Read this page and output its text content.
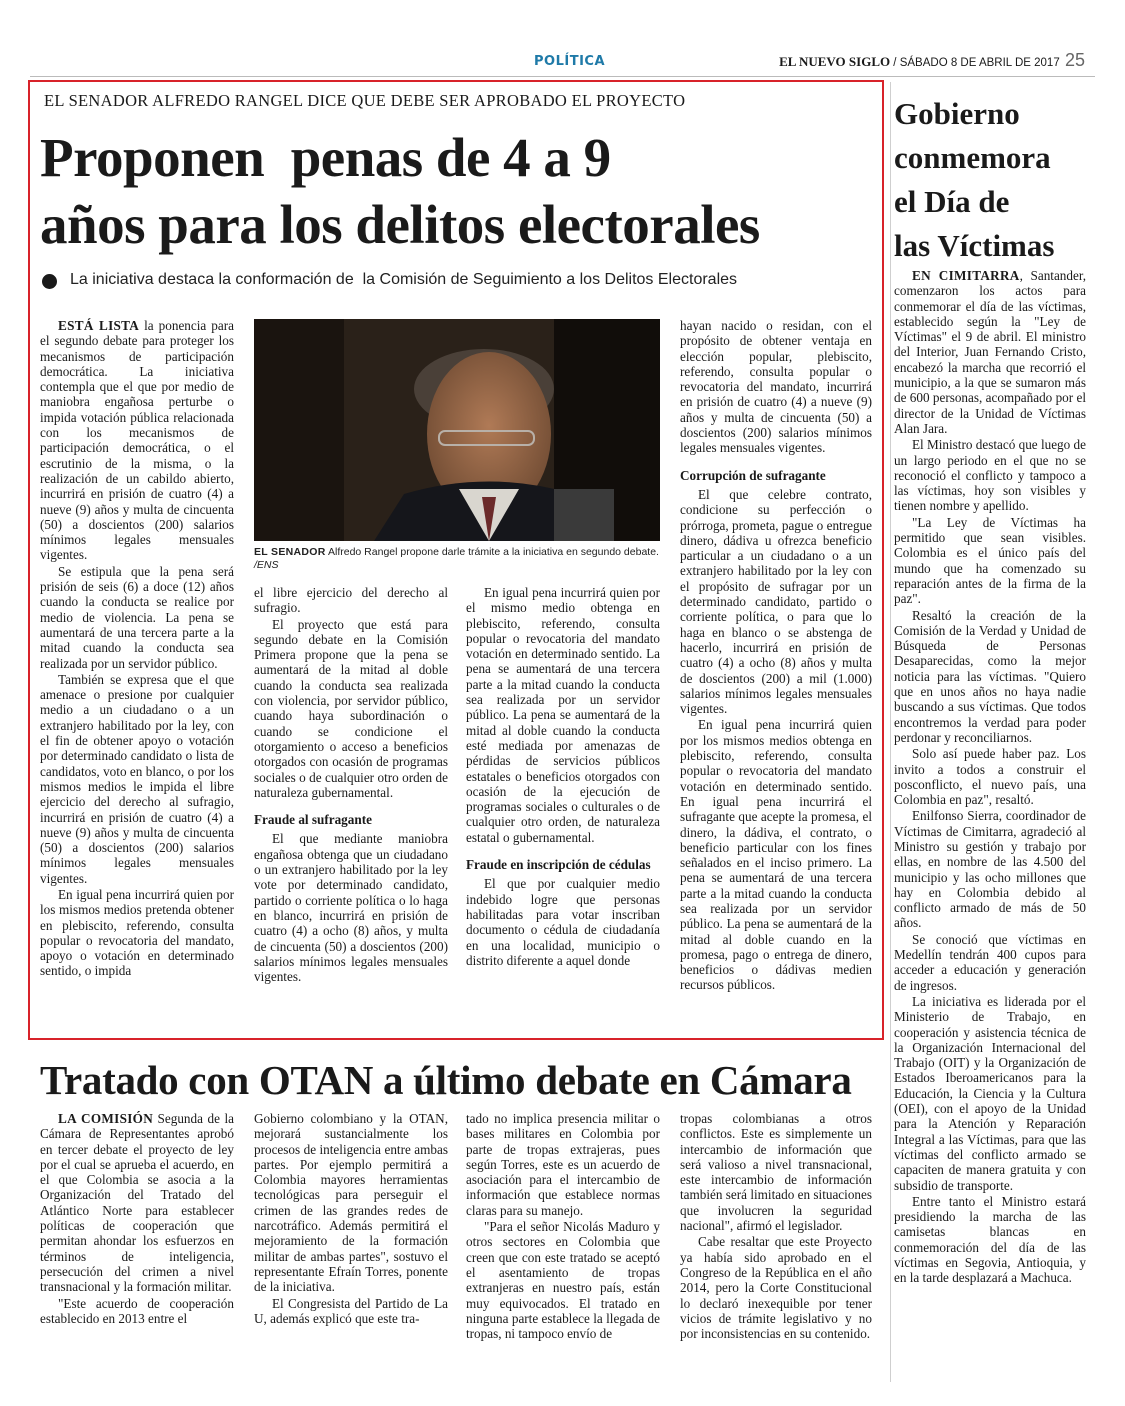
POLÍTICA	EL NUEVO SIGLO / SÁBADO 8 DE ABRIL DE 2017 25
EL SENADOR ALFREDO RANGEL DICE QUE DEBE SER APROBADO EL PROYECTO
Proponen  penas de 4 a 9
años para los delitos electorales
La iniciativa destaca la conformación de  la Comisión de Seguimiento a los Delitos Electorales

ESTÁ LISTA la ponencia para el segundo debate para proteger los mecanismos de participación democrática. La iniciativa contempla que el que por medio de maniobra engañosa perturbe o impida votación pública relacionada con los mecanismos de participación democrática, o el escrutinio de la misma, o la realización de un cabildo abierto, incurrirá en prisión de cuatro (4) a nueve (9) años y multa de cincuenta (50) a doscientos (200) salarios mínimos legales mensuales vigentes.

Se estipula que la pena será prisión de seis (6) a doce (12) años cuando la conducta se realice por medio de violencia. La pena se aumentará de una tercera parte a la mitad cuando la conducta sea realizada por un servidor público.

También se expresa que el que amenace o presione por cualquier medio a un ciudadano o a un extranjero habilitado por la ley, con el fin de obtener apoyo o votación por determinado candidato o lista de candidatos, voto en blanco, o por los mismos medios le impida el libre ejercicio del derecho al sufragio, incurrirá en prisión de cuatro (4) a nueve (9) años y multa de cincuenta (50) a doscientos (200) salarios mínimos legales mensuales vigentes.

En igual pena incurrirá quien por los mismos medios pretenda obtener en plebiscito, referendo, consulta popular o revocatoria del mandato, apoyo o votación en determinado sentido, o impida

EL SENADOR Alfredo Rangel propone darle trámite a la iniciativa en segundo debate. /ENS

el libre ejercicio del derecho al sufragio.

El proyecto que está para segundo debate en la Comisión Primera propone que la pena se aumentará de la mitad al doble cuando la conducta sea realizada con violencia, por servidor público, cuando haya subordinación o cuando se condicione el otorgamiento o acceso a beneficios otorgados con ocasión de programas sociales o de cualquier otro orden de naturaleza gubernamental.

Fraude al sufragante

El que mediante maniobra engañosa obtenga que un ciudadano o un extranjero habilitado por la ley vote por determinado candidato, partido o corriente política o lo haga en blanco, incurrirá en prisión de cuatro (4) a ocho (8) años, y multa de cincuenta (50) a doscientos (200) salarios mínimos legales mensuales vigentes.

En igual pena incurrirá quien por el mismo medio obtenga en plebiscito, referendo, consulta popular o revocatoria del mandato votación en determinado sentido. La pena se aumentará de una tercera parte a la mitad cuando la conducta sea realizada por un servidor público. La pena se aumentará de la mitad al doble cuando la conducta esté mediada por amenazas de pérdidas de servicios públicos estatales o beneficios otorgados con ocasión de la ejecución de programas sociales o culturales o de cualquier otro orden, de naturaleza estatal o gubernamental.

Fraude en inscripción de cédulas

El que por cualquier medio indebido logre que personas habilitadas para votar inscriban documento o cédula de ciudadanía en una localidad, municipio o distrito diferente a aquel donde

hayan nacido o residan, con el propósito de obtener ventaja en elección popular, plebiscito, referendo, consulta popular o revocatoria del mandato, incurrirá en prisión de cuatro (4) a nueve (9) años y multa de cincuenta (50) a doscientos (200) salarios mínimos legales mensuales vigentes.

Corrupción de sufragante

El que celebre contrato, condicione su perfección o prórroga, prometa, pague o entregue dinero, dádiva u ofrezca beneficio particular a un ciudadano o a un extranjero habilitado por la ley con el propósito de sufragar por un determinado candidato, partido o corriente política, o para que lo haga en blanco o se abstenga de hacerlo, incurrirá en prisión de cuatro (4) a ocho (8) años y multa de doscientos (200) a mil (1.000) salarios mínimos legales mensuales vigentes.

En igual pena incurrirá quien por los mismos medios obtenga en plebiscito, referendo, consulta popular o revocatoria del mandato votación en determinado sentido. En igual pena incurrirá el sufragante que acepte la promesa, el dinero, la dádiva, el contrato, o beneficio particular con los fines señalados en el inciso primero. La pena se aumentará de una tercera parte a la mitad cuando la conducta sea realizada por un servidor público. La pena se aumentará de la mitad al doble cuando en la promesa, pago o entrega de dinero, beneficios o dádivas medien recursos públicos.

Gobierno
conmemora
el Día de
las Víctimas

EN CIMITARRA, Santander, comenzaron los actos para conmemorar el día de las víctimas, establecido según la "Ley de Víctimas" el 9 de abril. El ministro del Interior, Juan Fernando Cristo, encabezó la marcha que recorrió el municipio, a la que se sumaron más de 600 personas, acompañado por el director de la Unidad de Víctimas Alan Jara.

El Ministro destacó que luego de un largo periodo en el que no se reconoció el conflicto y tampoco a las víctimas, hoy son visibles y tienen nombre y apellido.

"La Ley de Víctimas ha permitido que sean visibles. Colombia es el único país del mundo que ha comenzado su reparación antes de la firma de la paz".

Resaltó la creación de la Comisión de la Verdad y Unidad de Búsqueda de Personas Desaparecidas, como la mejor noticia para las víctimas. "Quiero que en unos años no haya nadie buscando a sus víctimas. Que todos encontremos la verdad para poder perdonar y reconciliarnos.

Solo así puede haber paz. Los invito a todos a construir el posconflicto, el nuevo país, una Colombia en paz", resaltó.

Enilfonso Sierra, coordinador de Víctimas de Cimitarra, agradeció al Ministro su gestión y trabajo por ellas, en nombre de las 4.500 del municipio y las ocho millones que hay en Colombia debido al conflicto armado de más de 50 años.

Se conoció que víctimas en Medellín tendrán 400 cupos para acceder a educación y generación de ingresos.

La iniciativa es liderada por el Ministerio de Trabajo, en cooperación y asistencia técnica de la Organización Internacional del Trabajo (OIT) y la Organización de Estados Iberoamericanos para la Educación, la Ciencia y la Cultura (OEI), con el apoyo de la Unidad para la Atención y Reparación Integral a las Víctimas, para que las víctimas del conflicto armado se capaciten de manera gratuita y con subsidio de transporte.

Entre tanto el Ministro estará presidiendo la marcha de las camisetas blancas en conmemoración del día de las víctimas en Segovia, Antioquia, y en la tarde desplazará a Machuca.

Tratado con OTAN a último debate en Cámara

LA COMISIÓN Segunda de la Cámara de Representantes aprobó en tercer debate el proyecto de ley por el cual se aprueba el acuerdo, en el que Colombia se asocia a la Organización del Tratado del Atlántico Norte para establecer políticas de cooperación que permitan ahondar los esfuerzos en términos de inteligencia, persecución del crimen a nivel transnacional y la formación militar.

"Este acuerdo de cooperación establecido en 2013 entre el

Gobierno colombiano y la OTAN, mejorará sustancialmente los procesos de inteligencia entre ambas partes. Por ejemplo permitirá a Colombia mayores herramientas tecnológicas para perseguir el crimen de las grandes redes de narcotráfico. Además permitirá el mejoramiento de la formación militar de ambas partes", sostuvo el representante Efraín Torres, ponente de la iniciativa.

El Congresista del Partido de La U, además explicó que este tra-

tado no implica presencia militar o bases militares en Colombia por parte de tropas extrajeras, pues según Torres, este es un acuerdo de asociación para el intercambio de información que establece normas claras para su manejo.

"Para el señor Nicolás Maduro y otros sectores en Colombia que creen que con este tratado se aceptó el asentamiento de tropas extranjeras en nuestro país, están muy equivocados. El tratado en ninguna parte establece la llegada de tropas, ni tampoco envío de

tropas colombianas a otros conflictos. Este es simplemente un intercambio de información que será valioso a nivel transnacional, este intercambio de información también será limitado en situaciones que involucren la seguridad nacional", afirmó el legislador.

Cabe resaltar que este Proyecto ya había sido aprobado en el Congreso de la República en el año 2014, pero la Corte Constitucional lo declaró inexequible por tener vicios de trámite legislativo y no por inconsistencias en su contenido.
